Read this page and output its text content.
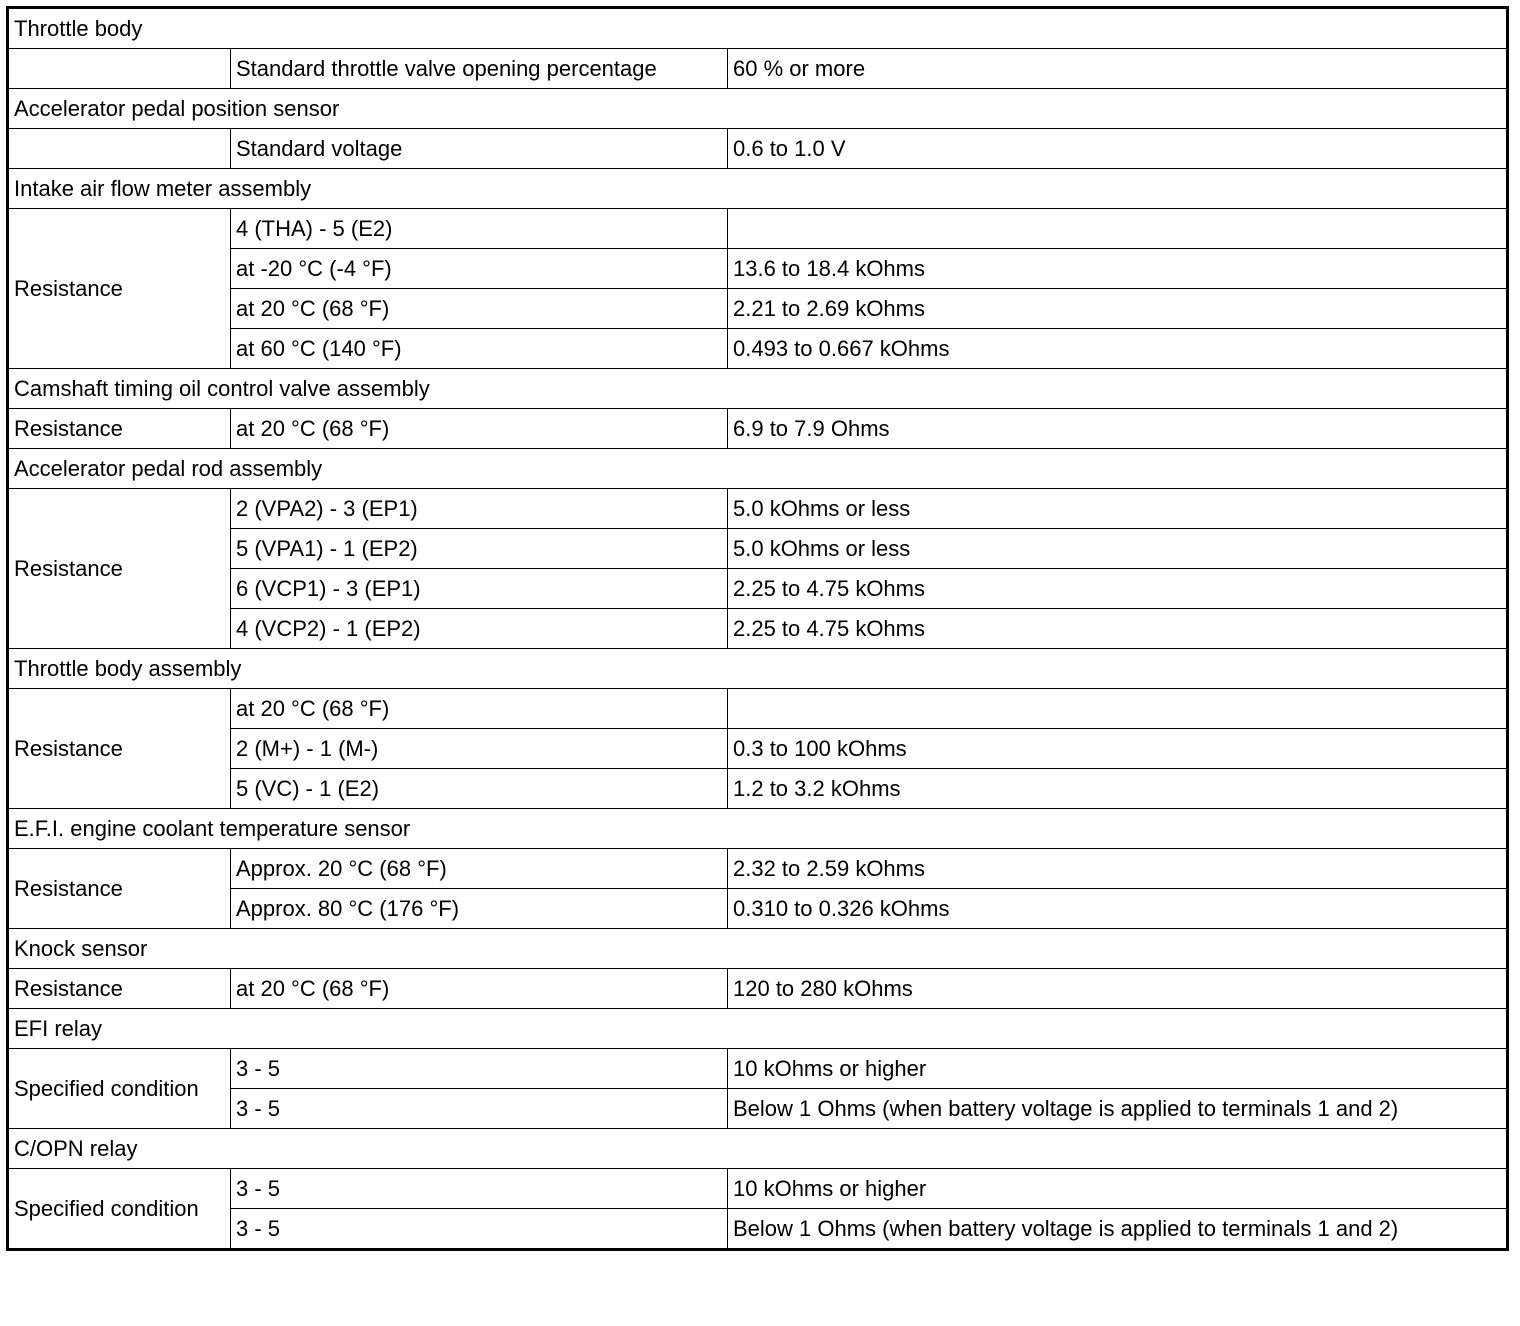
Throttle body		
	Standard throttle valve opening percentage	60 % or more
Accelerator pedal position sensor		
	Standard voltage	0.6 to 1.0 V
Intake air flow meter assembly		
Resistance	4 (THA) - 5 (E2)	
	at -20 °C (-4 °F)	13.6 to 18.4 kOhms
	at 20 °C (68 °F)	2.21 to 2.69 kOhms
	at 60 °C (140 °F)	0.493 to 0.667 kOhms
Camshaft timing oil control valve assembly		
Resistance	at 20 °C (68 °F)	6.9 to 7.9 Ohms
Accelerator pedal rod assembly		
Resistance	2 (VPA2) - 3 (EP1)	5.0 kOhms or less
	5 (VPA1) - 1 (EP2)	5.0 kOhms or less
	6 (VCP1) - 3 (EP1)	2.25 to 4.75 kOhms
	4 (VCP2) - 1 (EP2)	2.25 to 4.75 kOhms
Throttle body assembly		
Resistance	at 20 °C (68 °F)	
	2 (M+) - 1 (M-)	0.3 to 100 kOhms
	5 (VC) - 1 (E2)	1.2 to 3.2 kOhms
E.F.I. engine coolant temperature sensor		
Resistance	Approx. 20 °C (68 °F)	2.32 to 2.59 kOhms
	Approx. 80 °C (176 °F)	0.310 to 0.326 kOhms
Knock sensor		
Resistance	at 20 °C (68 °F)	120 to 280 kOhms
EFI relay		
Specified condition	3 - 5	10 kOhms or higher
	3 - 5	Below 1 Ohms (when battery voltage is applied to terminals 1 and 2)
C/OPN relay		
Specified condition	3 - 5	10 kOhms or higher
	3 - 5	Below 1 Ohms (when battery voltage is applied to terminals 1 and 2)
